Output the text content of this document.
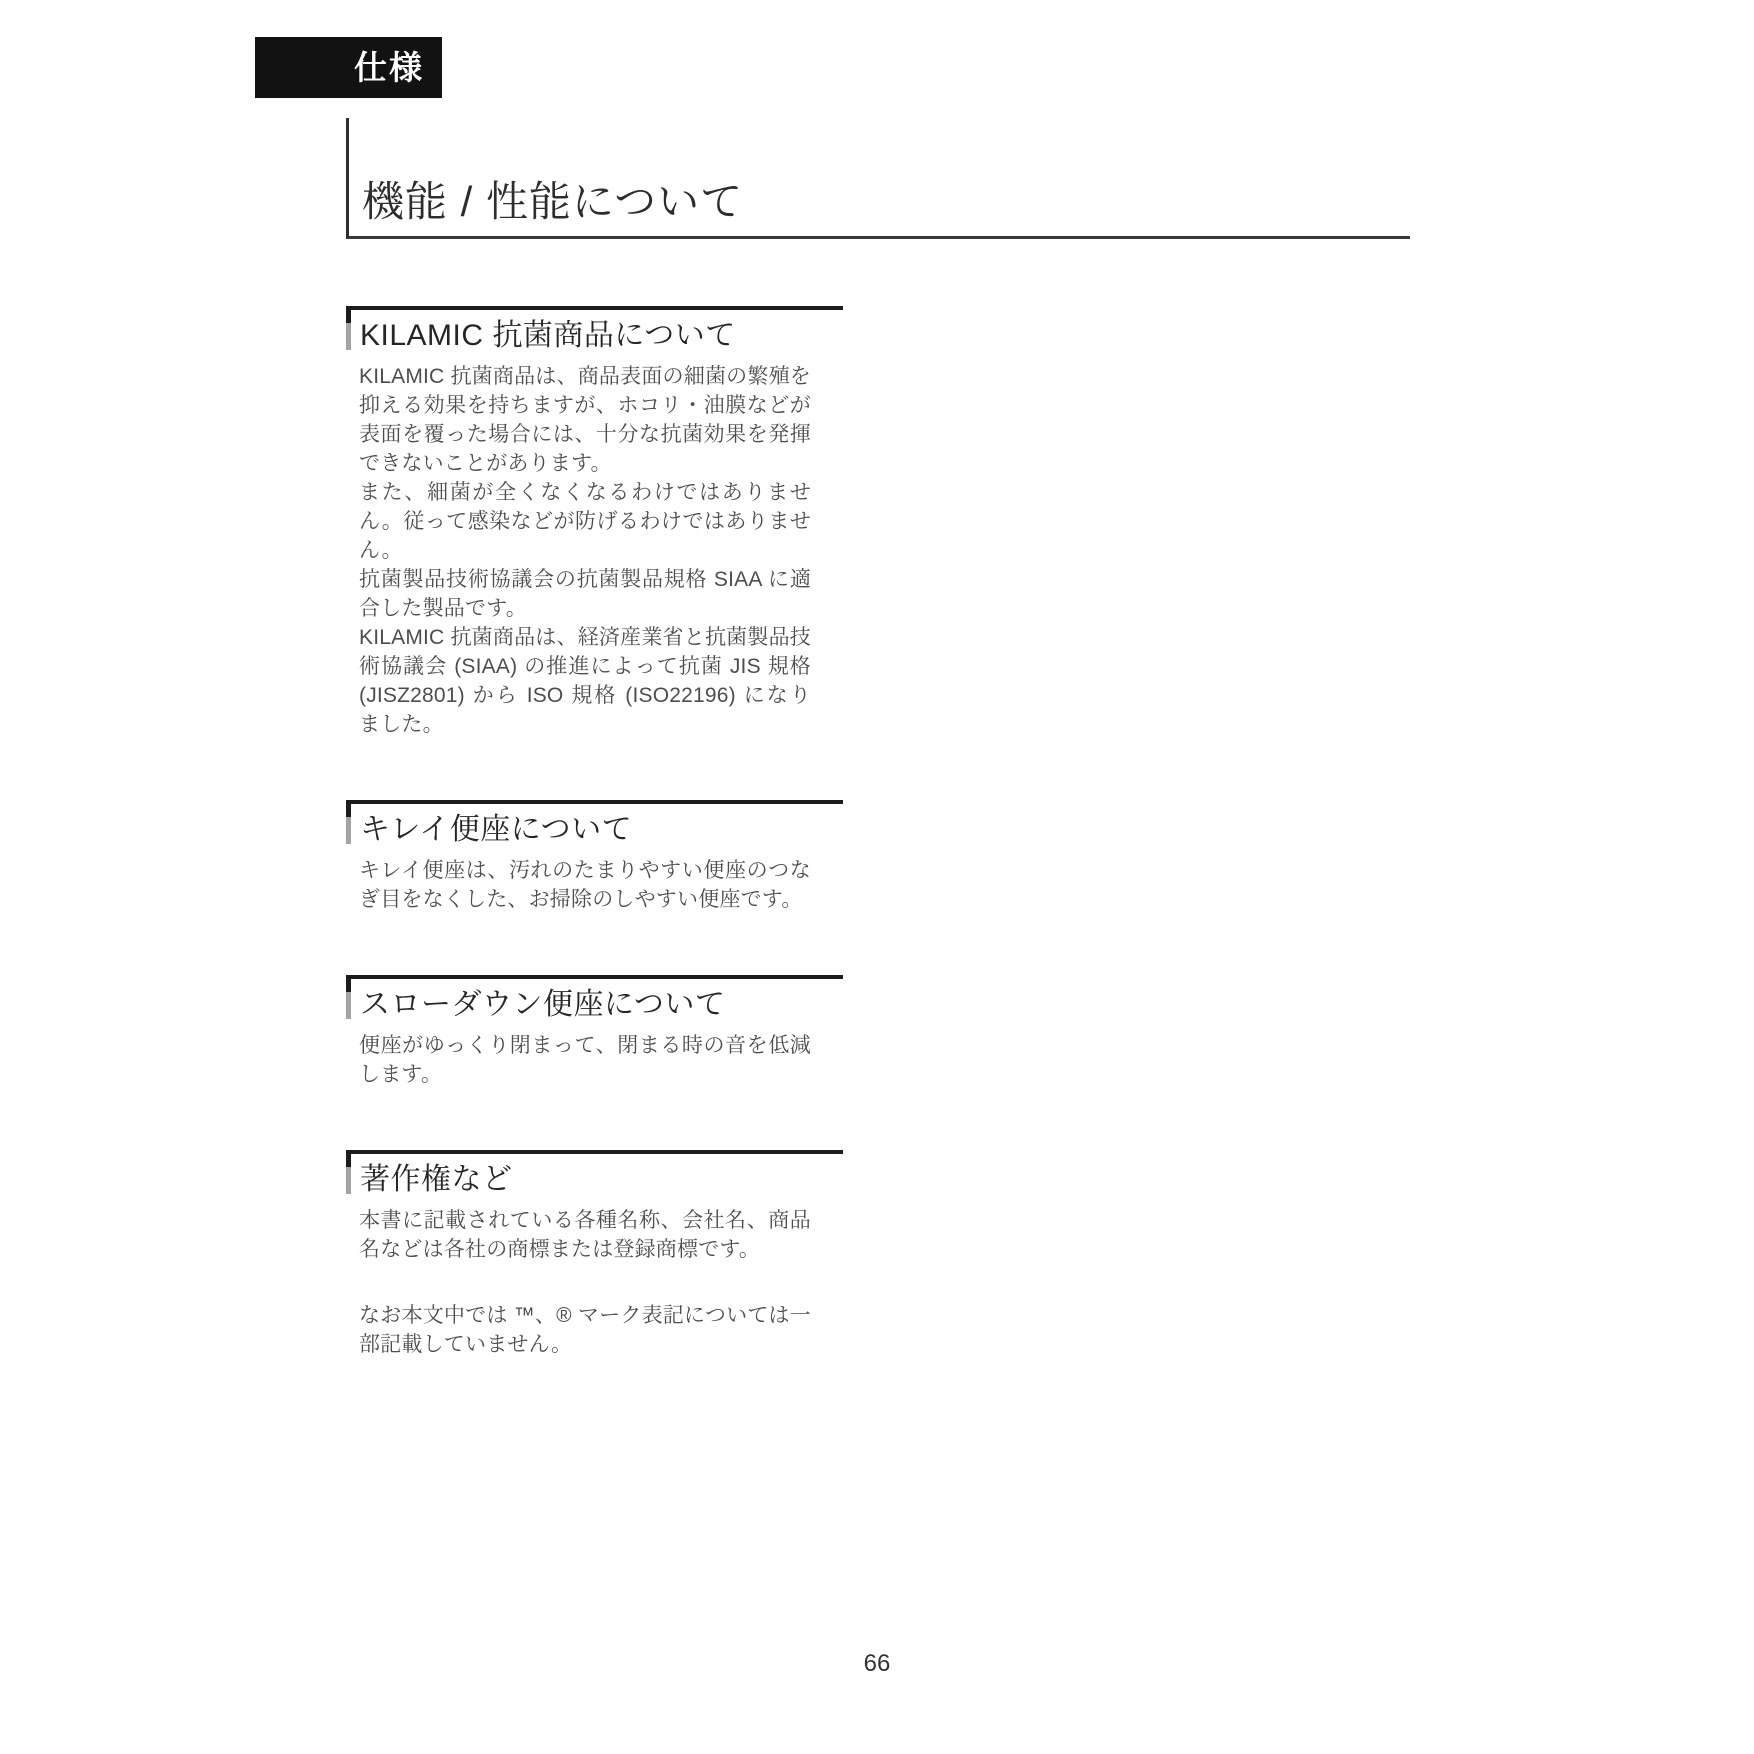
仕様
機能 / 性能について
KILAMIC 抗菌商品について

KILAMIC 抗菌商品は、商品表面の細菌の繁殖を抑える効果を持ちますが、ホコリ・油膜などが表面を覆った場合には、十分な抗菌効果を発揮できないことがあります。

また、細菌が全くなくなるわけではありません。従って感染などが防げるわけではありません。

抗菌製品技術協議会の抗菌製品規格 SIAA に適合した製品です。

KILAMIC 抗菌商品は、経済産業省と抗菌製品技術協議会 (SIAA) の推進によって抗菌 JIS 規格 (JISZ2801) から ISO 規格 (ISO22196) になりました。

キレイ便座について

キレイ便座は、汚れのたまりやすい便座のつなぎ目をなくした、お掃除のしやすい便座です。

スローダウン便座について

便座がゆっくり閉まって、閉まる時の音を低減します。

著作権など

本書に記載されている各種名称、会社名、商品名などは各社の商標または登録商標です。

なお本文中では ™、® マーク表記については一部記載していません。

66
